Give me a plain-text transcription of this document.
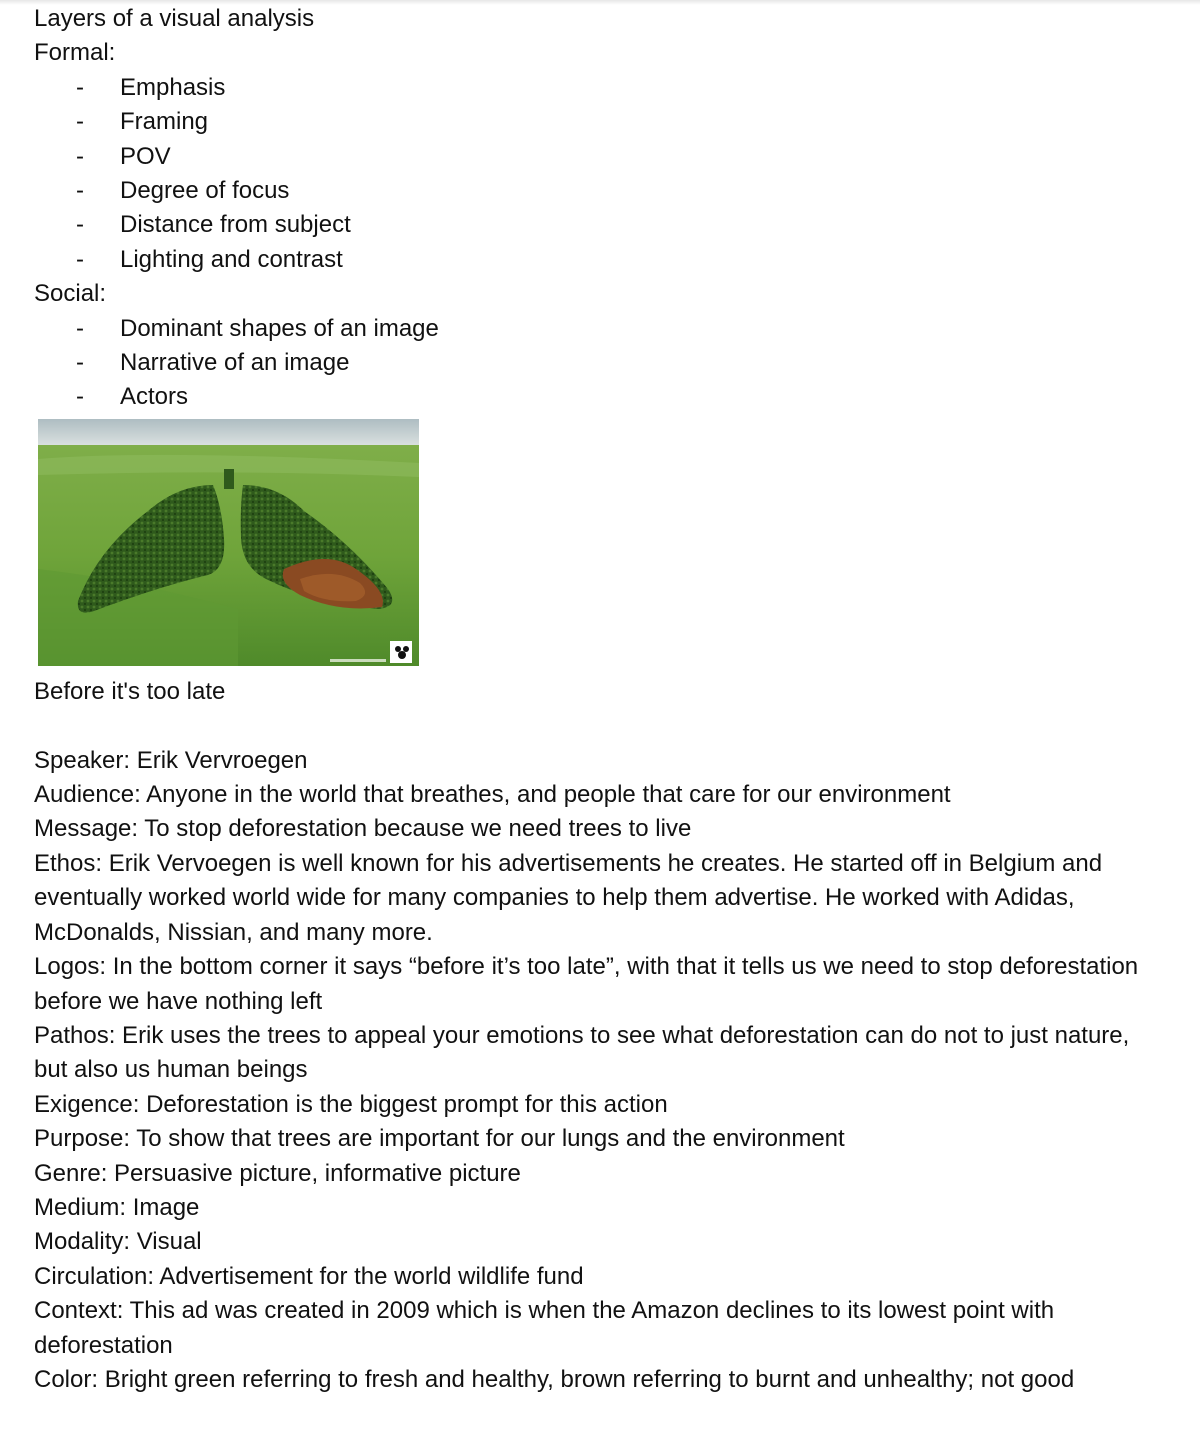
Layers of a visual analysis

Formal:

- Emphasis
- Framing
- POV
- Degree of focus
- Distance from subject
- Lighting and contrast

Social:

- Dominant shapes of an image
- Narrative of an image
- Actors

Before it's too late

Speaker: Erik Vervroegen

Audience: Anyone in the world that breathes, and people that care for our environment

Message: To stop deforestation because we need trees to live

Ethos: Erik Vervoegen is well known for his advertisements he creates. He started off in Belgium and eventually worked world wide for many companies to help them advertise. He worked with Adidas, McDonalds, Nissian, and many more.

Logos: In the bottom corner it says “before it’s too late”, with that it tells us we need to stop deforestation before we have nothing left

Pathos: Erik uses the trees to appeal your emotions to see what deforestation can do not to just nature, but also us human beings

Exigence: Deforestation is the biggest prompt for this action

Purpose: To show that trees are important for our lungs and the environment

Genre: Persuasive picture, informative picture

Medium: Image

Modality: Visual

Circulation: Advertisement for the world wildlife fund

Context: This ad was created in 2009 which is when the Amazon declines to its lowest point with deforestation

Color: Bright green referring to fresh and healthy, brown referring to burnt and unhealthy; not good
